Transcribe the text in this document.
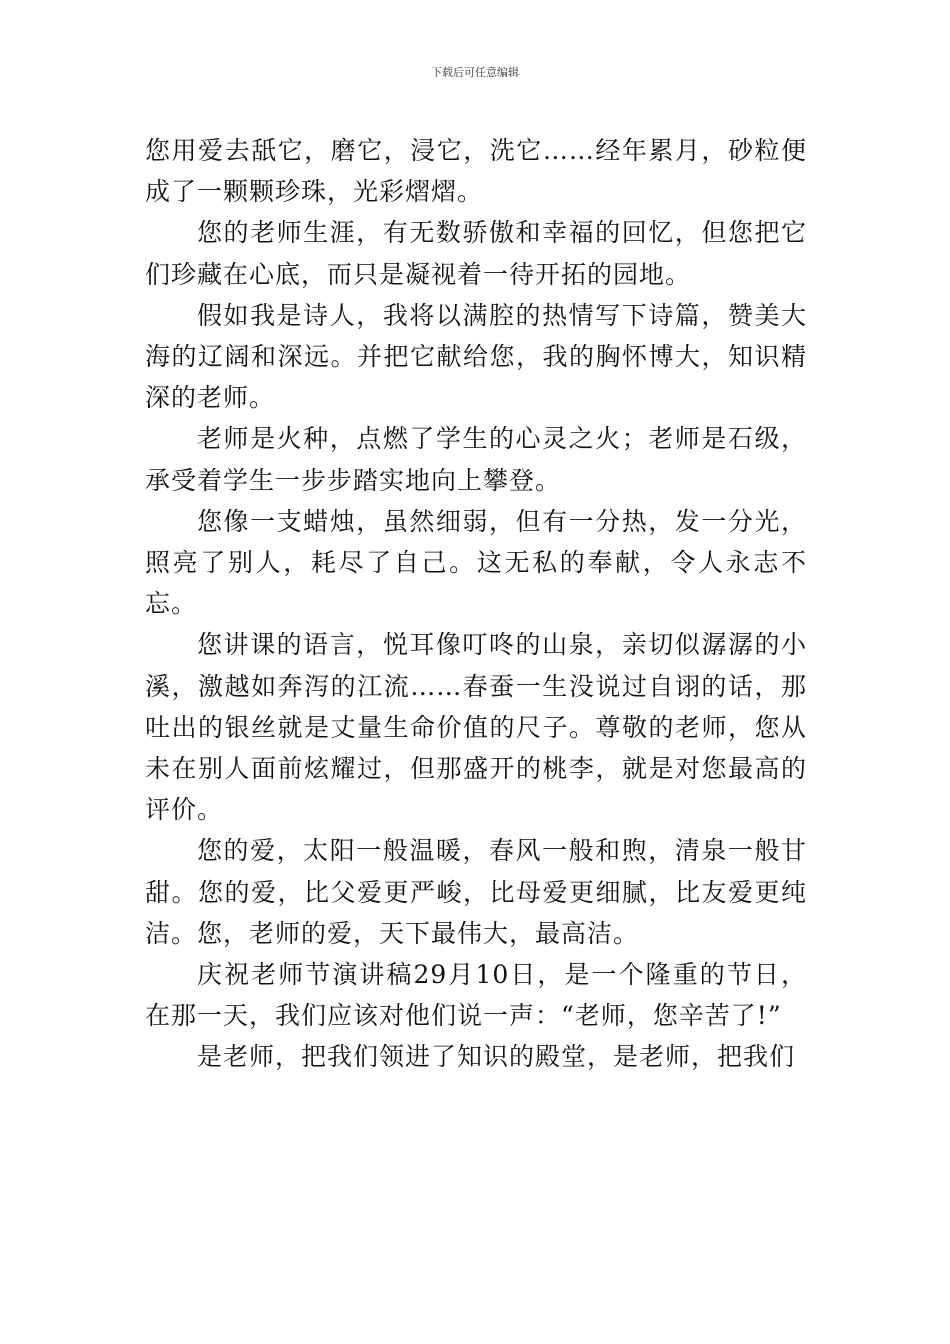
下载后可任意编辑

您用爱去舐它，磨它，浸它，洗它……经年累月，砂粒便成了一颗颗珍珠，光彩熠熠。

您的老师生涯，有无数骄傲和幸福的回忆，但您把它们珍藏在心底，而只是凝视着一待开拓的园地。

假如我是诗人，我将以满腔的热情写下诗篇，赞美大海的辽阔和深远。并把它献给您，我的胸怀博大，知识精深的老师。

老师是火种，点燃了学生的心灵之火；老师是石级，承受着学生一步步踏实地向上攀登。

您像一支蜡烛，虽然细弱，但有一分热，发一分光，照亮了别人，耗尽了自己。这无私的奉献，令人永志不忘。

您讲课的语言，悦耳像叮咚的山泉，亲切似潺潺的小溪，激越如奔泻的江流……春蚕一生没说过自诩的话，那吐出的银丝就是丈量生命价值的尺子。尊敬的老师，您从未在别人面前炫耀过，但那盛开的桃李，就是对您最高的评价。

您的爱，太阳一般温暖，春风一般和煦，清泉一般甘甜。您的爱，比父爱更严峻，比母爱更细腻，比友爱更纯洁。您，老师的爱，天下最伟大，最高洁。

庆祝老师节演讲稿29月10日，是一个隆重的节日，在那一天，我们应该对他们说一声：“老师，您辛苦了!”

是老师，把我们领进了知识的殿堂，是老师，把我们
